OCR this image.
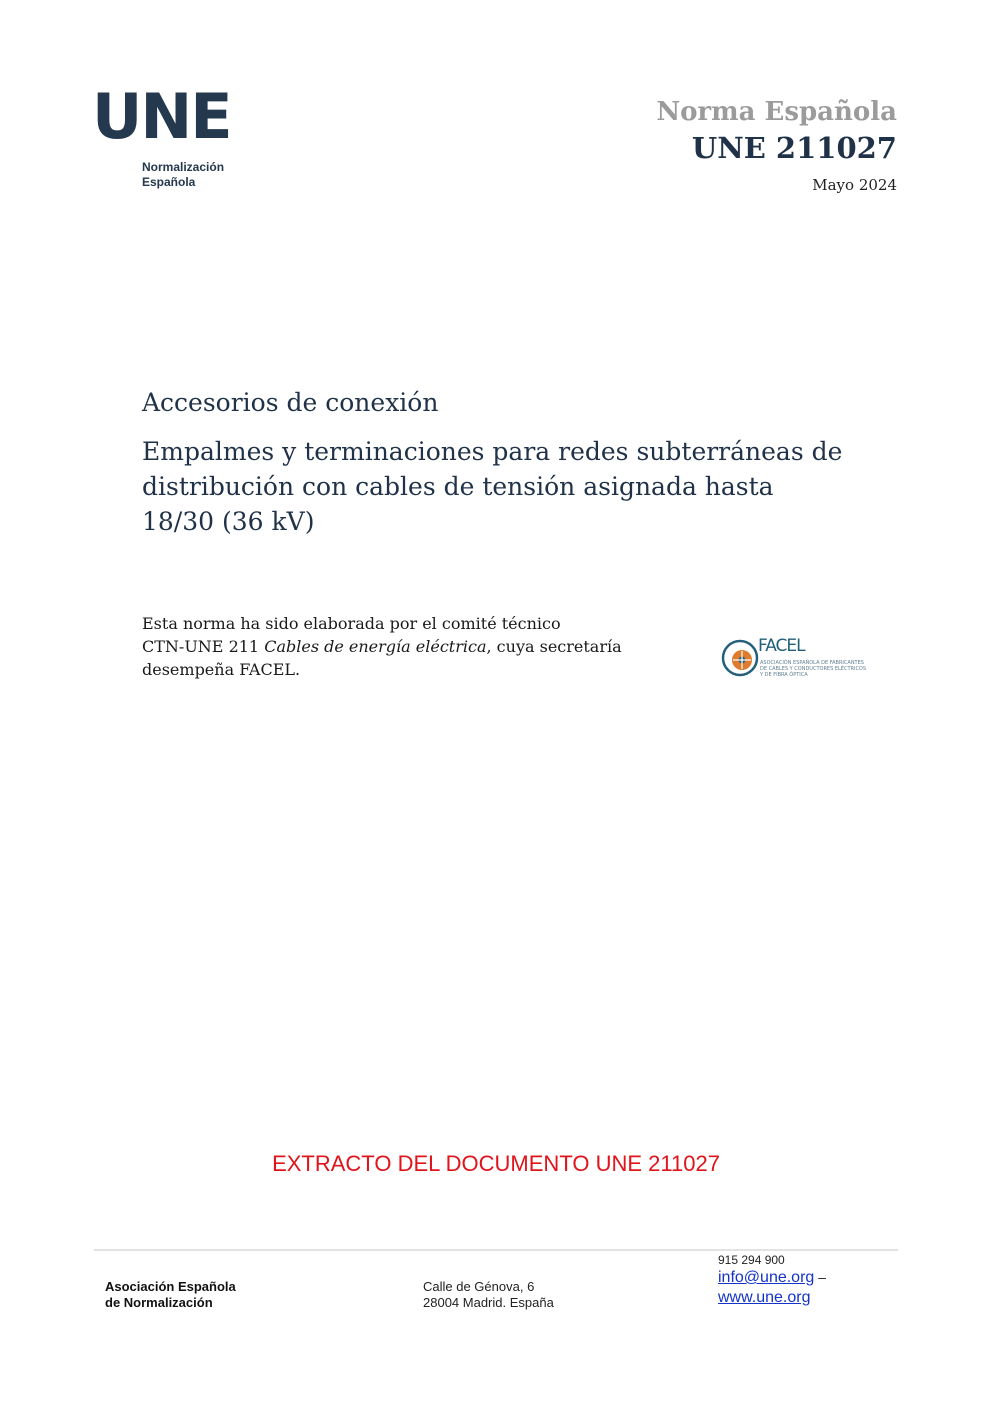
UNE
Normalización
Española
Norma Española
UNE 211027
Mayo 2024
Accesorios de conexión
Empalmes y terminaciones para redes subterráneas de
distribución con cables de tensión asignada hasta
18/30 (36 kV)
Esta norma ha sido elaborada por el comité técnico
CTN-UNE 211 Cables de energía eléctrica, cuya secretaría
desempeña FACEL.
FACEL
ASOCIACIÓN ESPAÑOLA DE FABRICANTES DE CABLES Y CONDUCTORES ELÉCTRICOS Y DE FIBRA ÓPTICA
EXTRACTO DEL DOCUMENTO UNE 211027
Asociación Española
de Normalización
Calle de Génova, 6
28004 Madrid. España
915 294 900
info@une.org –
www.une.org
